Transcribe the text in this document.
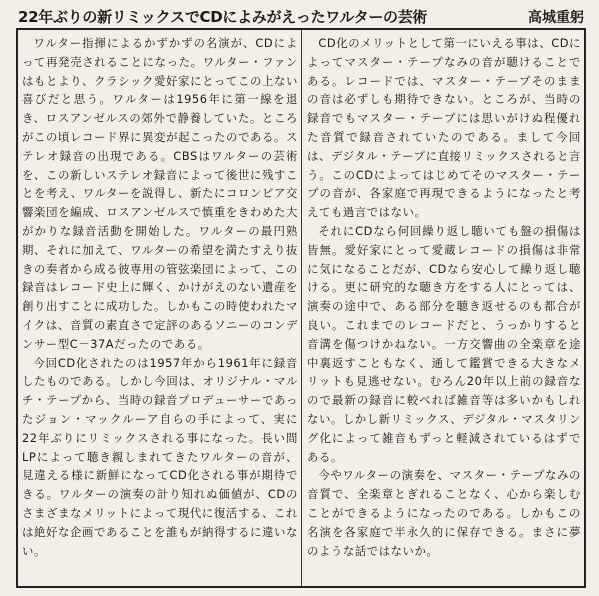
22年ぶりの新リミックスでCDによみがえったワルターの芸術	高城重躬

ワルター指揮によるかずかずの名演が、CDによって再発売されることになった。ワルター・ファンはもとより、クラシック愛好家にとってこの上ない喜びだと思う。ワルターは1956年に第一線を退き、ロスアンゼルスの郊外で静養していた。ところがこの頃レコード界に異変が起こったのである。ステレオ録音の出現である。CBSはワルターの芸術を、この新しいステレオ録音によって後世に残すことを考え、ワルターを説得し、新たにコロンビア交響楽団を編成、ロスアンゼルスで慎重をきわめた大がかりな録音活動を開始した。ワルターの最円熟期、それに加えて、ワルターの希望を満たすえり抜きの奏者から成る彼専用の管弦楽団によって、この録音はレコード史上に輝く、かけがえのない遺産を創り出すことに成功した。しかもこの時使われたマイクは、音質の素直さで定評のあるソニーのコンデンサー型C－37Aだったのである。

今回CD化されたのは1957年から1961年に録音したものである。しかし今回は、オリジナル・マルチ・テープから、当時の録音プロデューサーであったジョン・マックルーア自らの手によって、実に22年ぶりにリミックスされる事になった。長い間LPによって聴き親しまれてきたワルターの音が、見違える様に新鮮になってCD化される事が期待できる。ワルターの演奏の計り知れぬ価値が、CDのさまざまなメリットによって現代に復活する、これは絶好な企画であることを誰もが納得するに違いない。

CD化のメリットとして第一にいえる事は、CDによってマスター・テープなみの音が聴けることである。レコードでは、マスター・テープそのままの音は必ずしも期待できない。ところが、当時の録音でもマスター・テープには思いがけぬ程優れた音質で録音されていたのである。まして今回は、デジタル・テープに直接リミックスされると言う。このCDによってはじめてそのマスター・テープの音が、各家庭で再現できるようになったと考えても過言ではない。

それにCDなら何回繰り返し聴いても盤の損傷は皆無。愛好家にとって愛蔵レコードの損傷は非常に気になることだが、CDなら安心して繰り返し聴ける。更に研究的な聴き方をする人にとっては、演奏の途中で、ある部分を聴き返せるのも都合が良い。これまでのレコードだと、うっかりすると音溝を傷つけかねない。一方交響曲の全楽章を途中裏返すこともなく、通して鑑賞できる大きなメリットも見逃せない。むろん20年以上前の録音なので最新の録音に較べれば雑音等は多いかもしれない。しかし新リミックス、デジタル・マスタリング化によって雑音もずっと軽減されているはずである。

今やワルターの演奏を、マスター・テープなみの音質で、全楽章とぎれることなく、心から楽しむことができるようになったのである。しかもこの名演を各家庭で半永久的に保存できる。まさに夢のような話ではないか。
